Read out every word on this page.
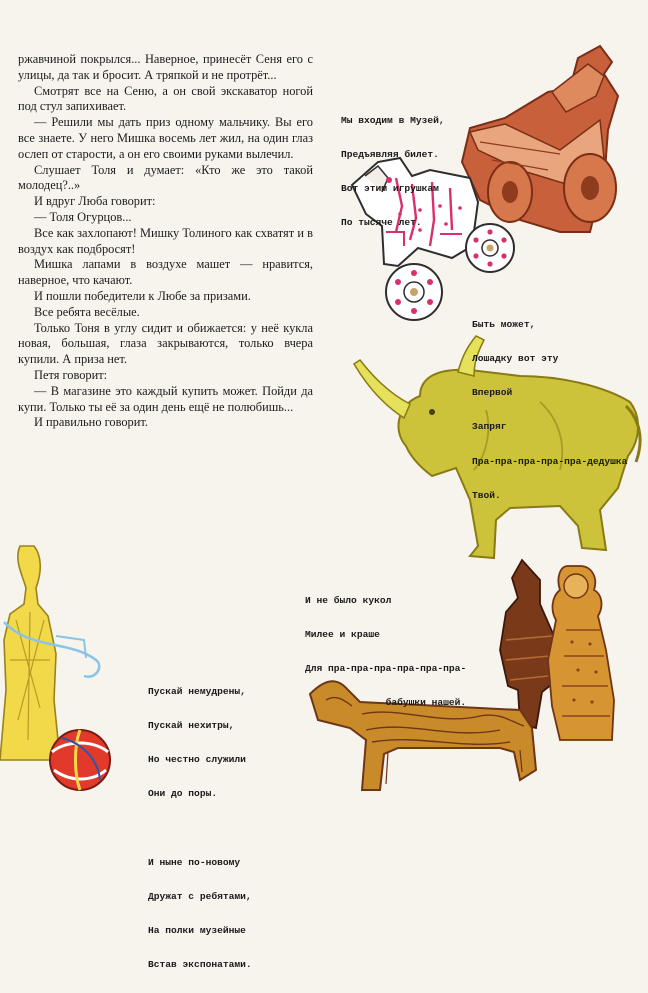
ржавчиной покрылся... Наверное, принесёт Сеня его с улицы, да так и бросит. А тряпкой и не протрёт...

Смотрят все на Сеню, а он свой экскаватор ногой под стул запихивает.

— Решили мы дать приз одному мальчику. Вы его все знаете. У него Мишка восемь лет жил, на один глаз ослеп от старости, а он его своими руками вылечил.

Слушает Толя и думает: «Кто же это такой молодец?..»

И вдруг Люба говорит:

— Толя Огурцов...

Все как захлопают! Мишку Толиного как схватят и в воздух как подбросят!

Мишка лапами в воздухе машет — нравится, наверное, что качают.

И пошли победители к Любе за призами.

Все ребята весёлые.

Только Тоня в углу сидит и обижается: у неё кукла новая, большая, глаза закрываются, только вчера купили. А приза нет.

Петя говорит:

— В магазине это каждый купить может. Пойди да купи. Только ты её за один день ещё не полюбишь...

И правильно говорит.

Мы входим в Музей,

Предъявляя билет.

Вот этим игрушкам

По тысяче лет.

Быть может,

Лошадку вот эту

Впервой

Запряг

Пра-пра-пра-пра-пра-дедушка

Твой.

И не было кукол

Милее и краше

Для пра-пра-пра-пра-пра-пра-

бабушки нашей.

Пускай немудрены,

Пускай нехитры,

Но честно служили

Они до поры.

И ныне по-новому

Дружат с ребятами,

На полки музейные

Встав экспонатами.
